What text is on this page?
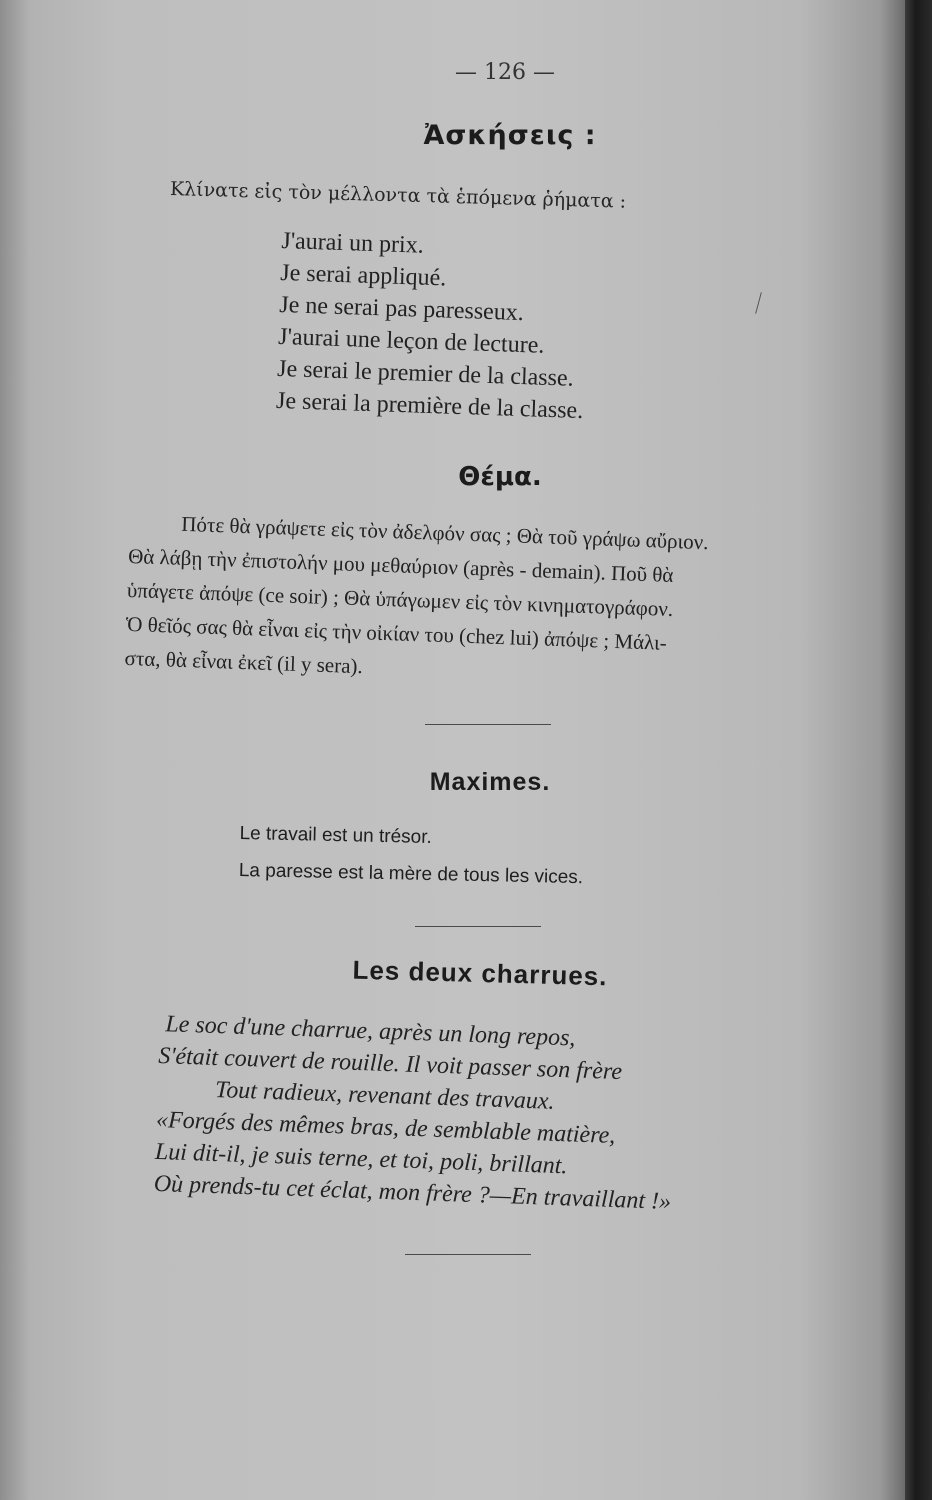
— 126 —

Ἀσκήσεις :

Κλίνατε εἰς τὸν μέλλοντα τὰ ἑπόμενα ῥήματα :

J'aurai un prix.
Je serai appliqué.
Je ne serai pas paresseux.
J'aurai une leçon de lecture.
Je serai le premier de la classe.
Je serai la première de la classe.
Θέμα.
Πότε θὰ γράψετε εἰς τὸν ἀδελφόν σας ; Θὰ τοῦ γράψω αὔριον.
Θὰ λάβῃ τὴν ἐπιστολήν μου μεθαύριον (après - demain). Ποῦ θὰ
ὑπάγετε ἀπόψε (ce soir) ; Θὰ ὑπάγωμεν εἰς τὸν κινηματογράφον.
Ὁ θεῖός σας θὰ εἶναι εἰς τὴν οἰκίαν του (chez lui) ἀπόψε ; Μάλι-
στα, θὰ εἶναι ἐκεῖ (il y sera).
Maximes.
Le travail est un trésor.
La paresse est la mère de tous les vices.
Les deux charrues.
Le soc d'une charrue, après un long repos,
S'était couvert de rouille. Il voit passer son frère
Tout radieux, revenant des travaux.
«Forgés des mêmes bras, de semblable matière,
Lui dit-il, je suis terne, et toi, poli, brillant.
Où prends-tu cet éclat, mon frère ?—En travaillant !»
